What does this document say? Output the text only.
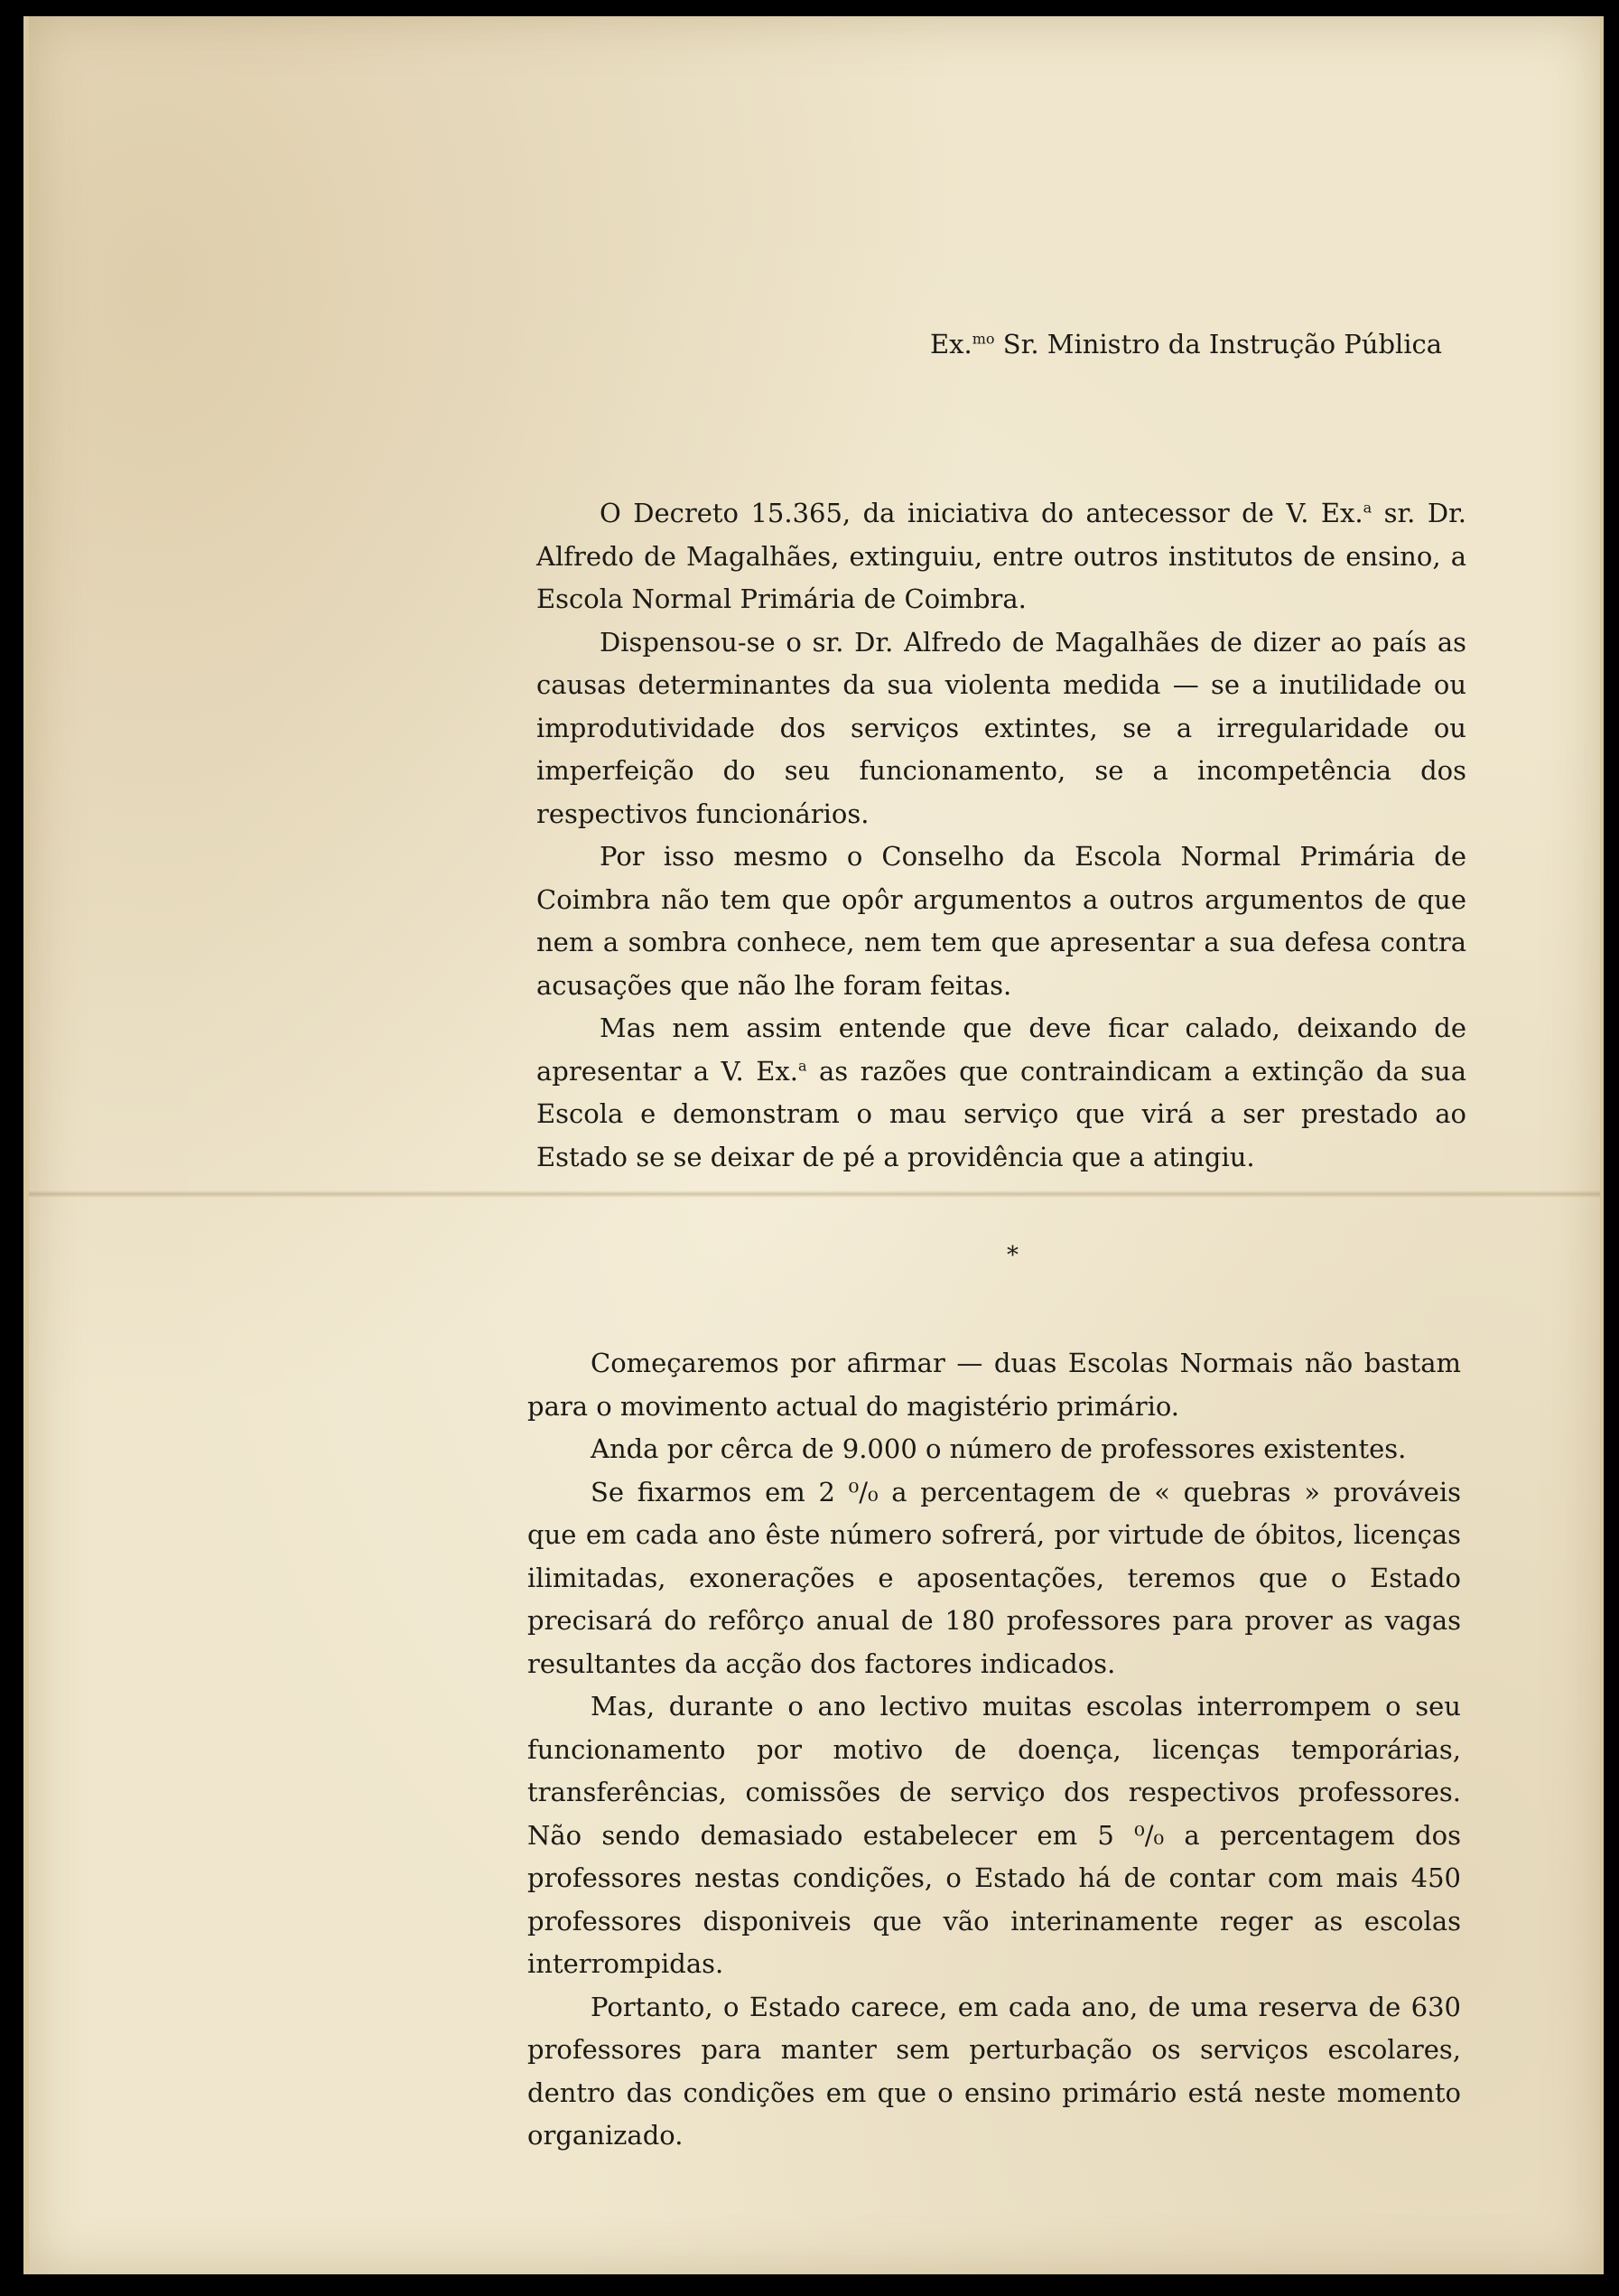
Ex.$^{mo}$ Sr. Ministro da Instrução Pública

O Decreto 15.365, da iniciativa do antecessor de V. Ex.$^a$ sr. Dr. Alfredo de Magalhães, extinguiu, entre outros institutos de ensino, a Escola Normal Primária de Coimbra.

Dispensou-se o sr. Dr. Alfredo de Magalhães de dizer ao país as causas determinantes da sua violenta medida — se a inutilidade ou improdutividade dos serviços extintes, se a irregularidade ou imperfeição do seu funcionamento, se a incompetência dos respectivos funcionários.

Por isso mesmo o Conselho da Escola Normal Primária de Coimbra não tem que opôr argumentos a outros argumentos de que nem a sombra conhece, nem tem que apresentar a sua defesa contra acusações que não lhe foram feitas.

Mas nem assim entende que deve ficar calado, deixando de apresentar a V. Ex.$^a$ as razões que contraindicam a extinção da sua Escola e demonstram o mau serviço que virá a ser prestado ao Estado se se deixar de pé a providência que a atingiu.

*

Começaremos por afirmar — duas Escolas Normais não bastam para o movimento actual do magistério primário.

Anda por cêrca de 9.000 o número de professores existentes.

Se fixarmos em 2 ⁰/₀ a percentagem de « quebras » prováveis que em cada ano êste número sofrerá, por virtude de óbitos, licenças ilimitadas, exonerações e aposentações, teremos que o Estado precisará do refôrço anual de 180 professores para prover as vagas resultantes da acção dos factores indicados.

Mas, durante o ano lectivo muitas escolas interrompem o seu funcionamento por motivo de doença, licenças temporárias, transferências, comissões de serviço dos respectivos professores. Não sendo demasiado estabelecer em 5 ⁰/₀ a percentagem dos professores nestas condições, o Estado há de contar com mais 450 professores disponiveis que vão interinamente reger as escolas interrompidas.

Portanto, o Estado carece, em cada ano, de uma reserva de 630 professores para manter sem perturbação os serviços escolares, dentro das condições em que o ensino primário está neste momento organizado.
